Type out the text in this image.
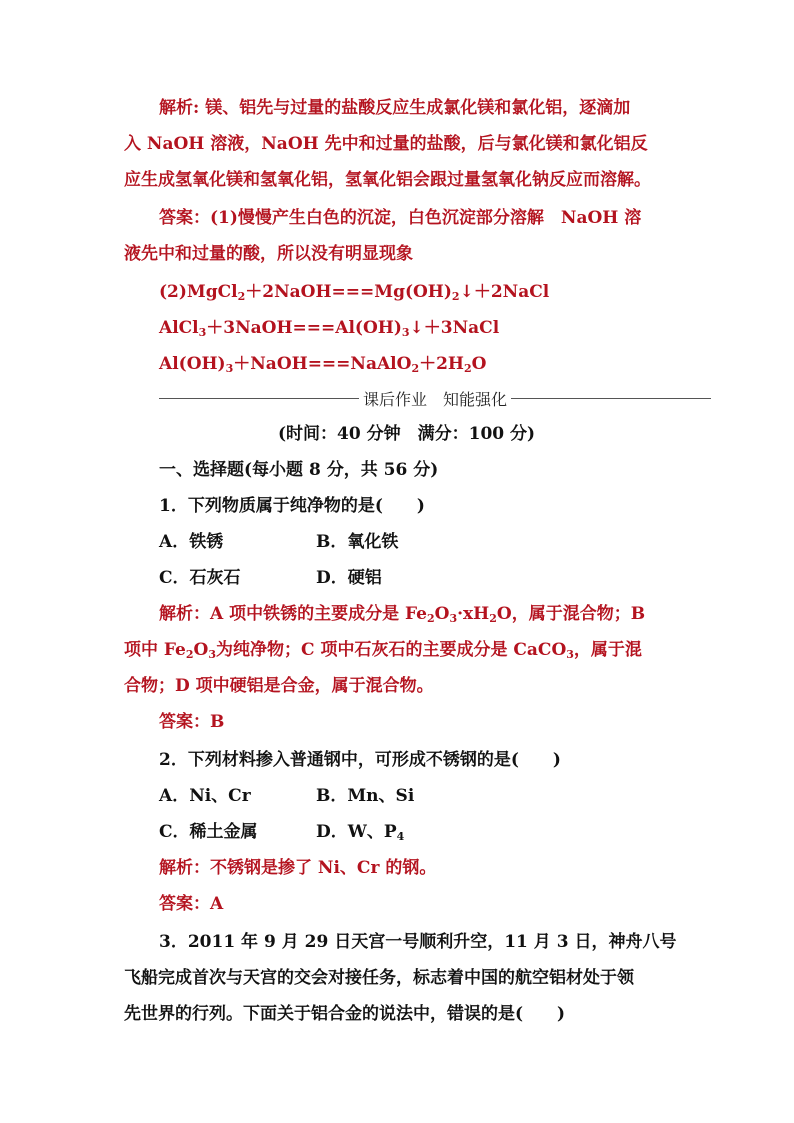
解析: 镁、铝先与过量的盐酸反应生成氯化镁和氯化铝，逐滴加
入 NaOH 溶液，NaOH 先中和过量的盐酸，后与氯化镁和氯化铝反
应生成氢氧化镁和氢氧化铝，氢氧化铝会跟过量氢氧化钠反应而溶解。
答案：(1)慢慢产生白色的沉淀，白色沉淀部分溶解　NaOH 溶
液先中和过量的酸，所以没有明显现象
$(2)MgCl_2+2NaOH===Mg(OH)_2↓+2NaCl$
$AlCl_3+3NaOH===Al(OH)_3↓+3NaCl$
$Al(OH)_3+NaOH===NaAlO_2+2H_2O$
课后作业　知能强化
(时间：40 分钟　满分：100 分)
一、选择题(每小题 8 分，共 56 分)
1．下列物质属于纯净物的是(　　)
A．铁锈	B．氧化铁
C．石灰石	D．硬铝
解析：A 项中铁锈的主要成分是 $Fe_2O_3\cdot xH_2O$，属于混合物；B
项中 $Fe_2O_3$为纯净物；C 项中石灰石的主要成分是 CaCO$_3$，属于混
合物；D 项中硬铝是合金，属于混合物。
答案：B
2．下列材料掺入普通钢中，可形成不锈钢的是(　　)
A．Ni、Cr	B．Mn、Si
C．稀土金属	D．W、$P_4$
解析：不锈钢是掺了 Ni、Cr 的钢。
答案：A
3．2011 年 9 月 29 日天宫一号顺利升空，11 月 3 日，神舟八号
飞船完成首次与天宫的交会对接任务，标志着中国的航空铝材处于领
先世界的行列。下面关于铝合金的说法中，错误的是(　　)
